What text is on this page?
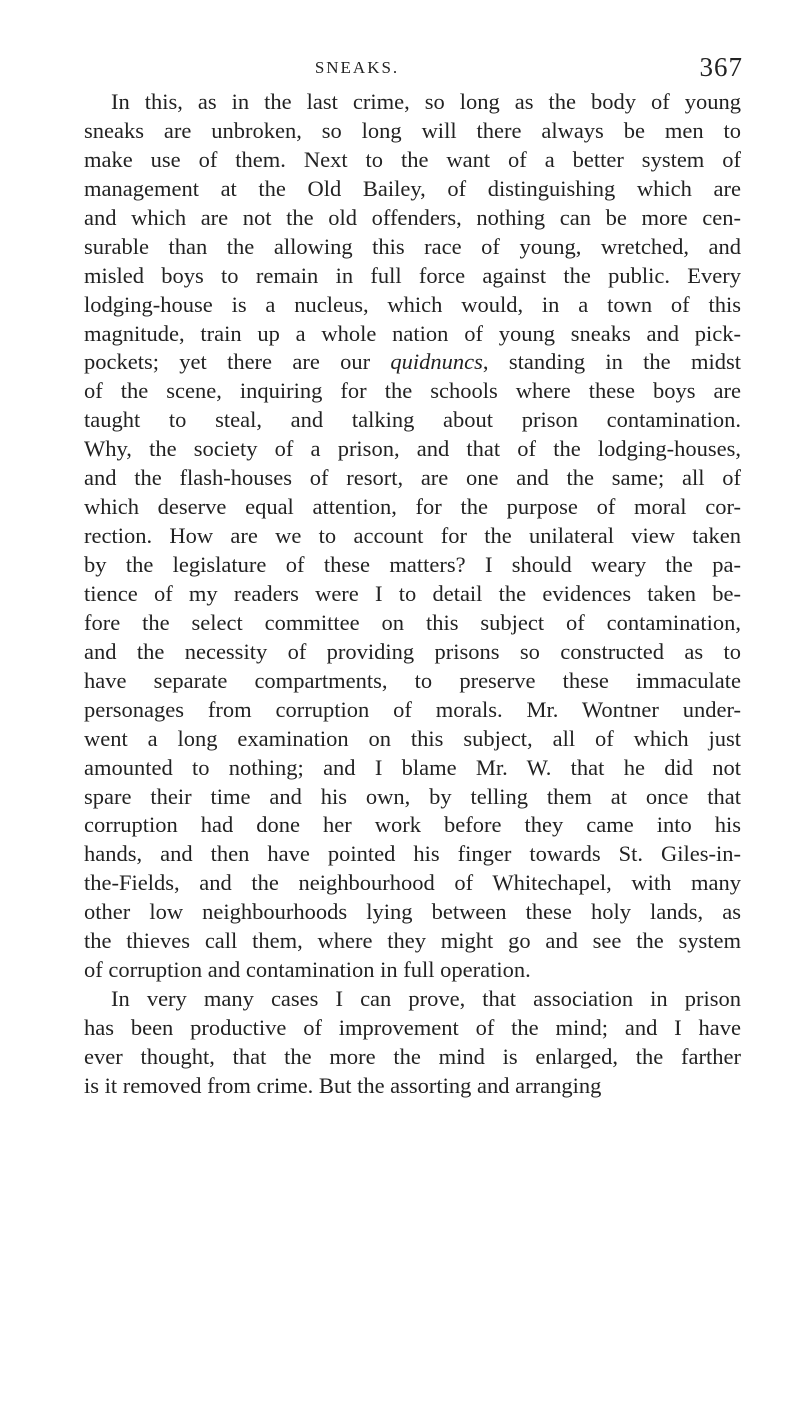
SNEAKS.	367
In this, as in the last crime, so long as the body of young
sneaks are unbroken, so long will there always be men to
make use of them. Next to the want of a better system of
management at the Old Bailey, of distinguishing which are
and which are not the old offenders, nothing can be more cen-
surable than the allowing this race of young, wretched, and
misled boys to remain in full force against the public. Every
lodging-house is a nucleus, which would, in a town of this
magnitude, train up a whole nation of young sneaks and pick-
pockets; yet there are our quidnuncs, standing in the midst
of the scene, inquiring for the schools where these boys are
taught to steal, and talking about prison contamination.
Why, the society of a prison, and that of the lodging-houses,
and the flash-houses of resort, are one and the same; all of
which deserve equal attention, for the purpose of moral cor-
rection. How are we to account for the unilateral view taken
by the legislature of these matters? I should weary the pa-
tience of my readers were I to detail the evidences taken be-
fore the select committee on this subject of contamination,
and the necessity of providing prisons so constructed as to
have separate compartments, to preserve these immaculate
personages from corruption of morals. Mr. Wontner under-
went a long examination on this subject, all of which just
amounted to nothing; and I blame Mr. W. that he did not
spare their time and his own, by telling them at once that
corruption had done her work before they came into his
hands, and then have pointed his finger towards St. Giles-in-
the-Fields, and the neighbourhood of Whitechapel, with many
other low neighbourhoods lying between these holy lands, as
the thieves call them, where they might go and see the system
of corruption and contamination in full operation.
In very many cases I can prove, that association in prison
has been productive of improvement of the mind; and I have
ever thought, that the more the mind is enlarged, the farther
is it removed from crime. But the assorting and arranging
